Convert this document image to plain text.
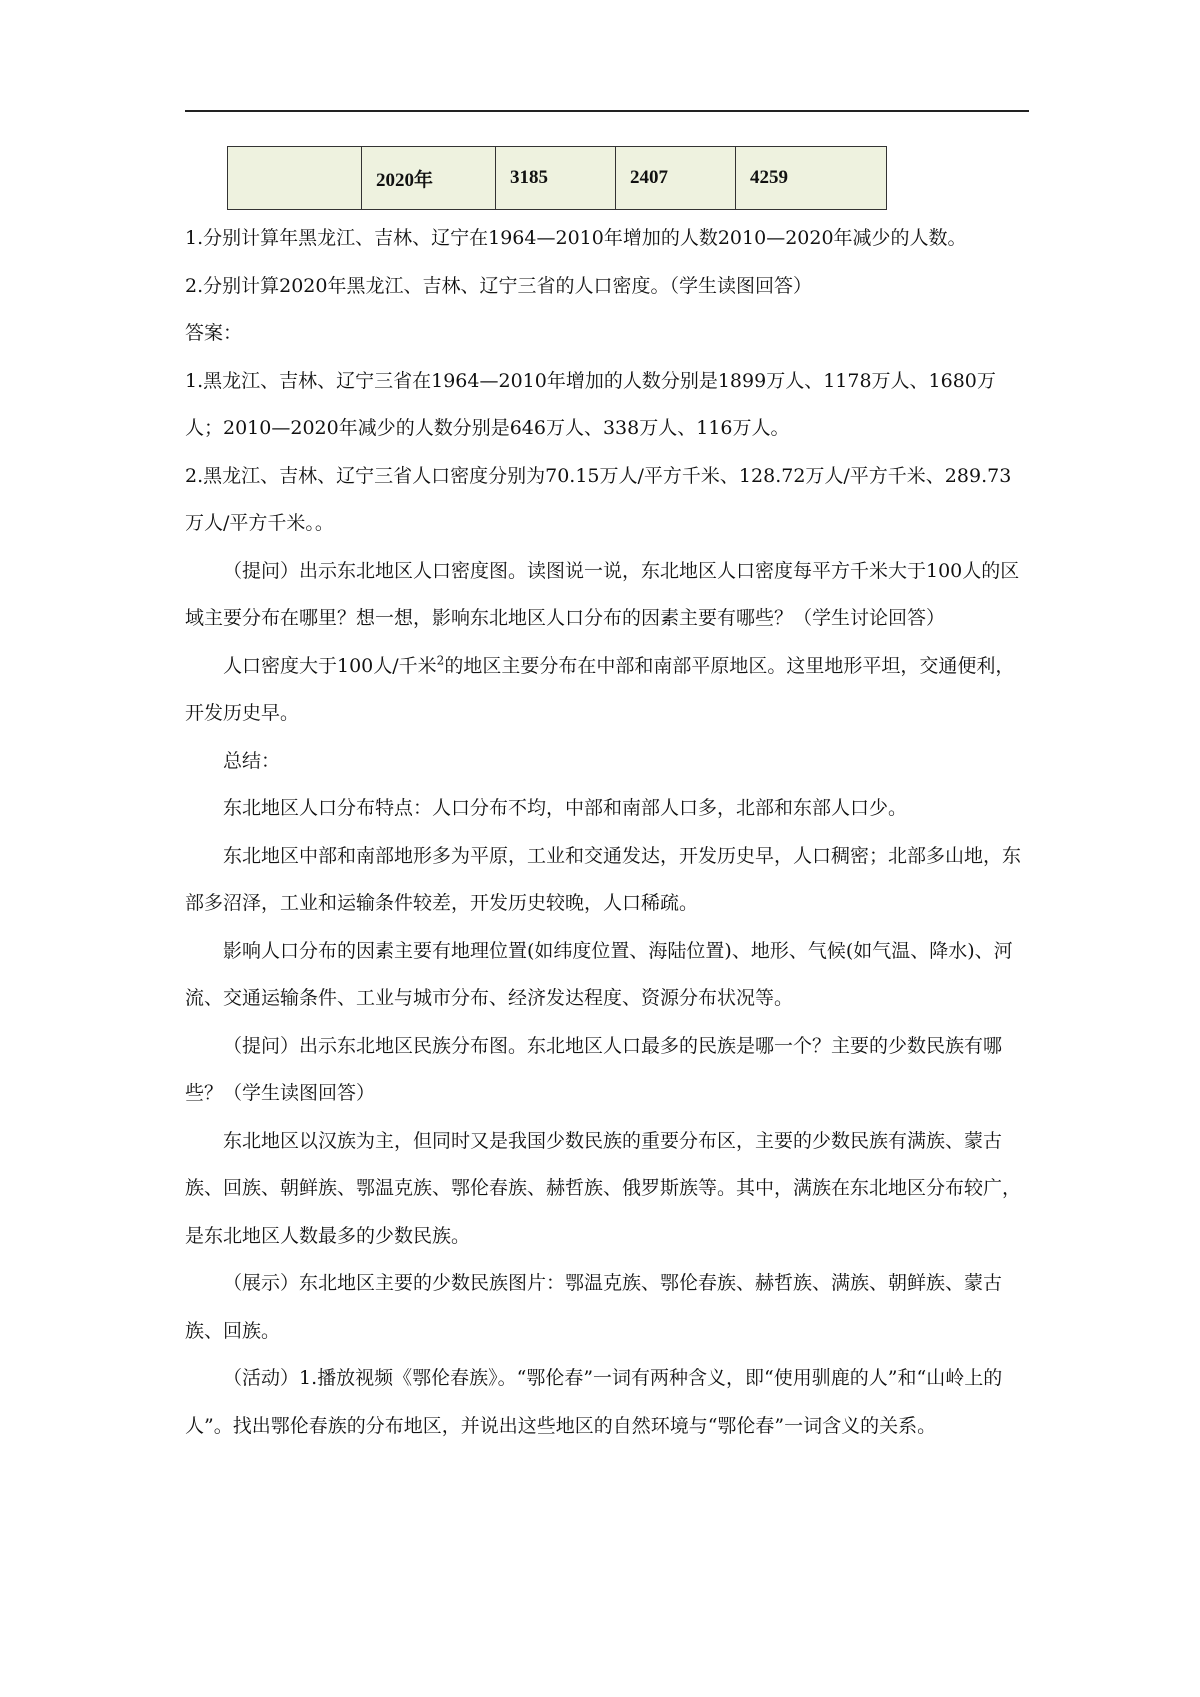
	2020年	3185	2407	4259

1.分别计算年黑龙江、吉林、辽宁在1964—2010年增加的人数2010—2020年减少的人数。

2.分别计算2020年黑龙江、吉林、辽宁三省的人口密度。（学生读图回答）

答案：

1.黑龙江、吉林、辽宁三省在1964—2010年增加的人数分别是1899万人、1178万人、1680万人；2010—2020年减少的人数分别是646万人、338万人、116万人。

2.黑龙江、吉林、辽宁三省人口密度分别为70.15万人/平方千米、128.72万人/平方千米、289.73万人/平方千米。。

（提问）出示东北地区人口密度图。读图说一说，东北地区人口密度每平方千米大于100人的区域主要分布在哪里？想一想，影响东北地区人口分布的因素主要有哪些？（学生讨论回答）

人口密度大于100人/千米$^2$的地区主要分布在中部和南部平原地区。这里地形平坦，交通便利，开发历史早。

总结：

东北地区人口分布特点：人口分布不均，中部和南部人口多，北部和东部人口少。

东北地区中部和南部地形多为平原，工业和交通发达，开发历史早，人口稠密；北部多山地，东部多沼泽，工业和运输条件较差，开发历史较晚，人口稀疏。

影响人口分布的因素主要有地理位置(如纬度位置、海陆位置)、地形、气候(如气温、降水)、河流、交通运输条件、工业与城市分布、经济发达程度、资源分布状况等。

（提问）出示东北地区民族分布图。东北地区人口最多的民族是哪一个？主要的少数民族有哪些？（学生读图回答）

东北地区以汉族为主，但同时又是我国少数民族的重要分布区，主要的少数民族有满族、蒙古族、回族、朝鲜族、鄂温克族、鄂伦春族、赫哲族、俄罗斯族等。其中，满族在东北地区分布较广，是东北地区人数最多的少数民族。

（展示）东北地区主要的少数民族图片：鄂温克族、鄂伦春族、赫哲族、满族、朝鲜族、蒙古族、回族。

（活动）1.播放视频《鄂伦春族》。“鄂伦春”一词有两种含义，即“使用驯鹿的人”和“山岭上的人”。找出鄂伦春族的分布地区，并说出这些地区的自然环境与“鄂伦春”一词含义的关系。
